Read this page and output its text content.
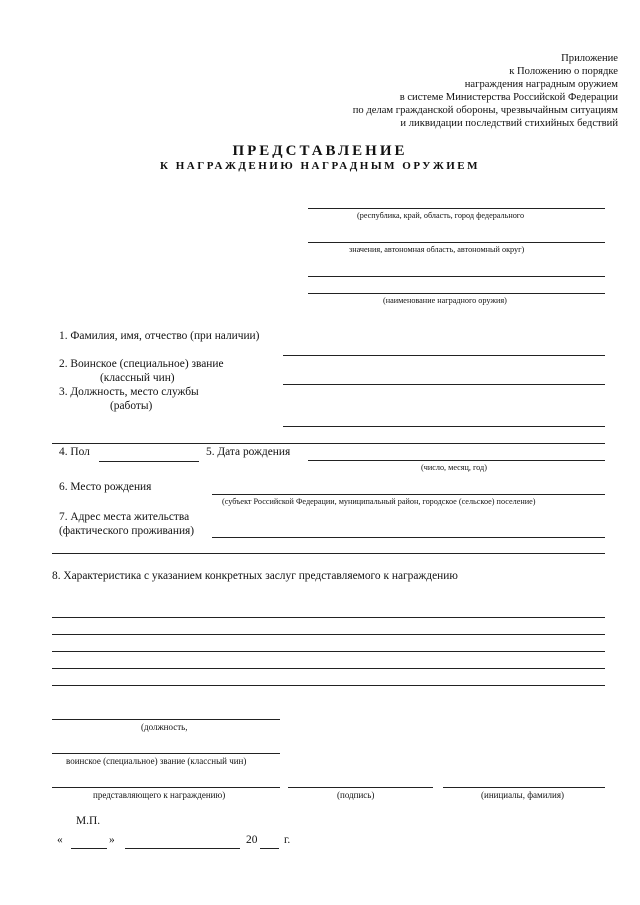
Приложение
к Положению о порядке
награждения наградным оружием
в системе Министерства Российской Федерации
по делам гражданской обороны, чрезвычайным ситуациям
и ликвидации последствий стихийных бедствий
ПРЕДСТАВЛЕНИЕ
К НАГРАЖДЕНИЮ НАГРАДНЫМ ОРУЖИЕМ
(республика, край, область, город федерального
значения, автономная область, автономный округ)
(наименование наградного оружия)
1. Фамилия, имя, отчество (при наличии)
2. Воинское (специальное) звание
(классный чин)
3. Должность, место службы
(работы)
4. Пол	5. Дата рождения
(число, месяц, год)
6. Место рождения
(субъект Российской Федерации, муниципальный район, городское (сельское) поселение)
7. Адрес места жительства
(фактического проживания)
8. Характеристика с указанием конкретных заслуг представляемого к награждению
(должность,
воинское (специальное) звание (классный чин)
представляющего к награждению)	(подпись)	(инициалы, фамилия)
М.П.
«	»	20 г.
